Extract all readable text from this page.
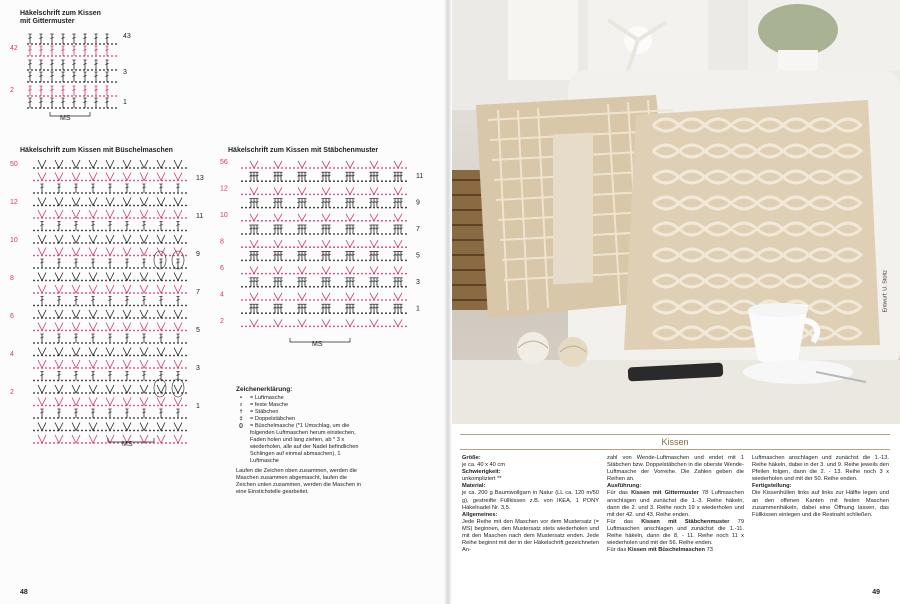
Häkelschrift zum Kissen

mit Gittermuster

43
42
3
2
1
MS

Häkelschrift zum Kissen mit Büschelmaschen

50
12
10
8
6
4
2
13
11
9
7
5
3
1
MS

Häkelschrift zum Kissen mit Stäbchenmuster

56
12
10
8
6
4
2
11
9
7
5
3
1
MS
Zeichenerklärung:
•	= Luftmasche
ı	= feste Masche
†	= Stäbchen
‡	= Doppelstäbchen
()	= Büschelmasche (*1 Umschlag, um die folgenden Luftmaschen herum einstechen, Faden holen und lang ziehen, ab * 3 x wiederholen, alle auf der Nadel befindlichen Schlingen auf einmal abmaschen), 1 Luftmasche
Laufen die Zeichen oben zusammen, werden die Maschen zusammen abgemascht, laufen die Zeichen unten zusammen, werden die Maschen in eine Einstichstelle gearbeitet.
48
Entwurf: U. Stoltz
Kissen

Größe:

je ca. 40 x 40 cm

Schwierigkeit:

unkompliziert **

Material:

je ca. 200 g Baumwollgarn in Natur (LL ca. 120 m/50 g), gestreifte Füllkissen z.B. von IKEA, 1 PONY Häkelnadel Nr. 3,5.

Allgemeines:

Jede Reihe mit den Maschen vor dem Mustersatz (= MS) beginnen, den Mustersatz stets wiederholen und mit den Maschen nach dem Mustersatz enden. Jede Reihe beginnt mit der in der Häkelschrift gezeichneten An-

zahl von Wende-Luftmaschen und endet mit 1 Stäbchen bzw. Doppelstäbchen in die oberste Wende-Luftmasche der Vorreihe. Die Zahlen geben die Reihen an.

Ausführung:

Für das Kissen mit Gittermuster 78 Luftmaschen anschlagen und zunächst die 1.-3. Reihe häkeln, dann die 2. und 3. Reihe noch 19 x wiederholen und mit der 42. und 43. Reihe enden.

Für das Kissen mit Stäbchenmuster 79 Luftmaschen anschlagen und zunächst die 1.-11. Reihe häkeln, dann die 8. - 11. Reihe noch 11 x wiederholen und mit der 56. Reihe enden.

Für das Kissen mit Büschelmaschen 73

Luftmaschen anschlagen und zunächst die 1.-13. Reihe häkeln, dabei in der 3. und 9. Reihe jeweils den Pfeilen folgen, dann die 2. - 13. Reihe noch 3 x wiederholen und mit der 50. Reihe enden.

Fertigstellung:

Die Kissenhüllen links auf links zur Hälfte legen und an den offenen Kanten mit festen Maschen zusammenhäkeln, dabei eine Öffnung lassen, das Füllkissen einlegen und die Restnaht schließen.

49
